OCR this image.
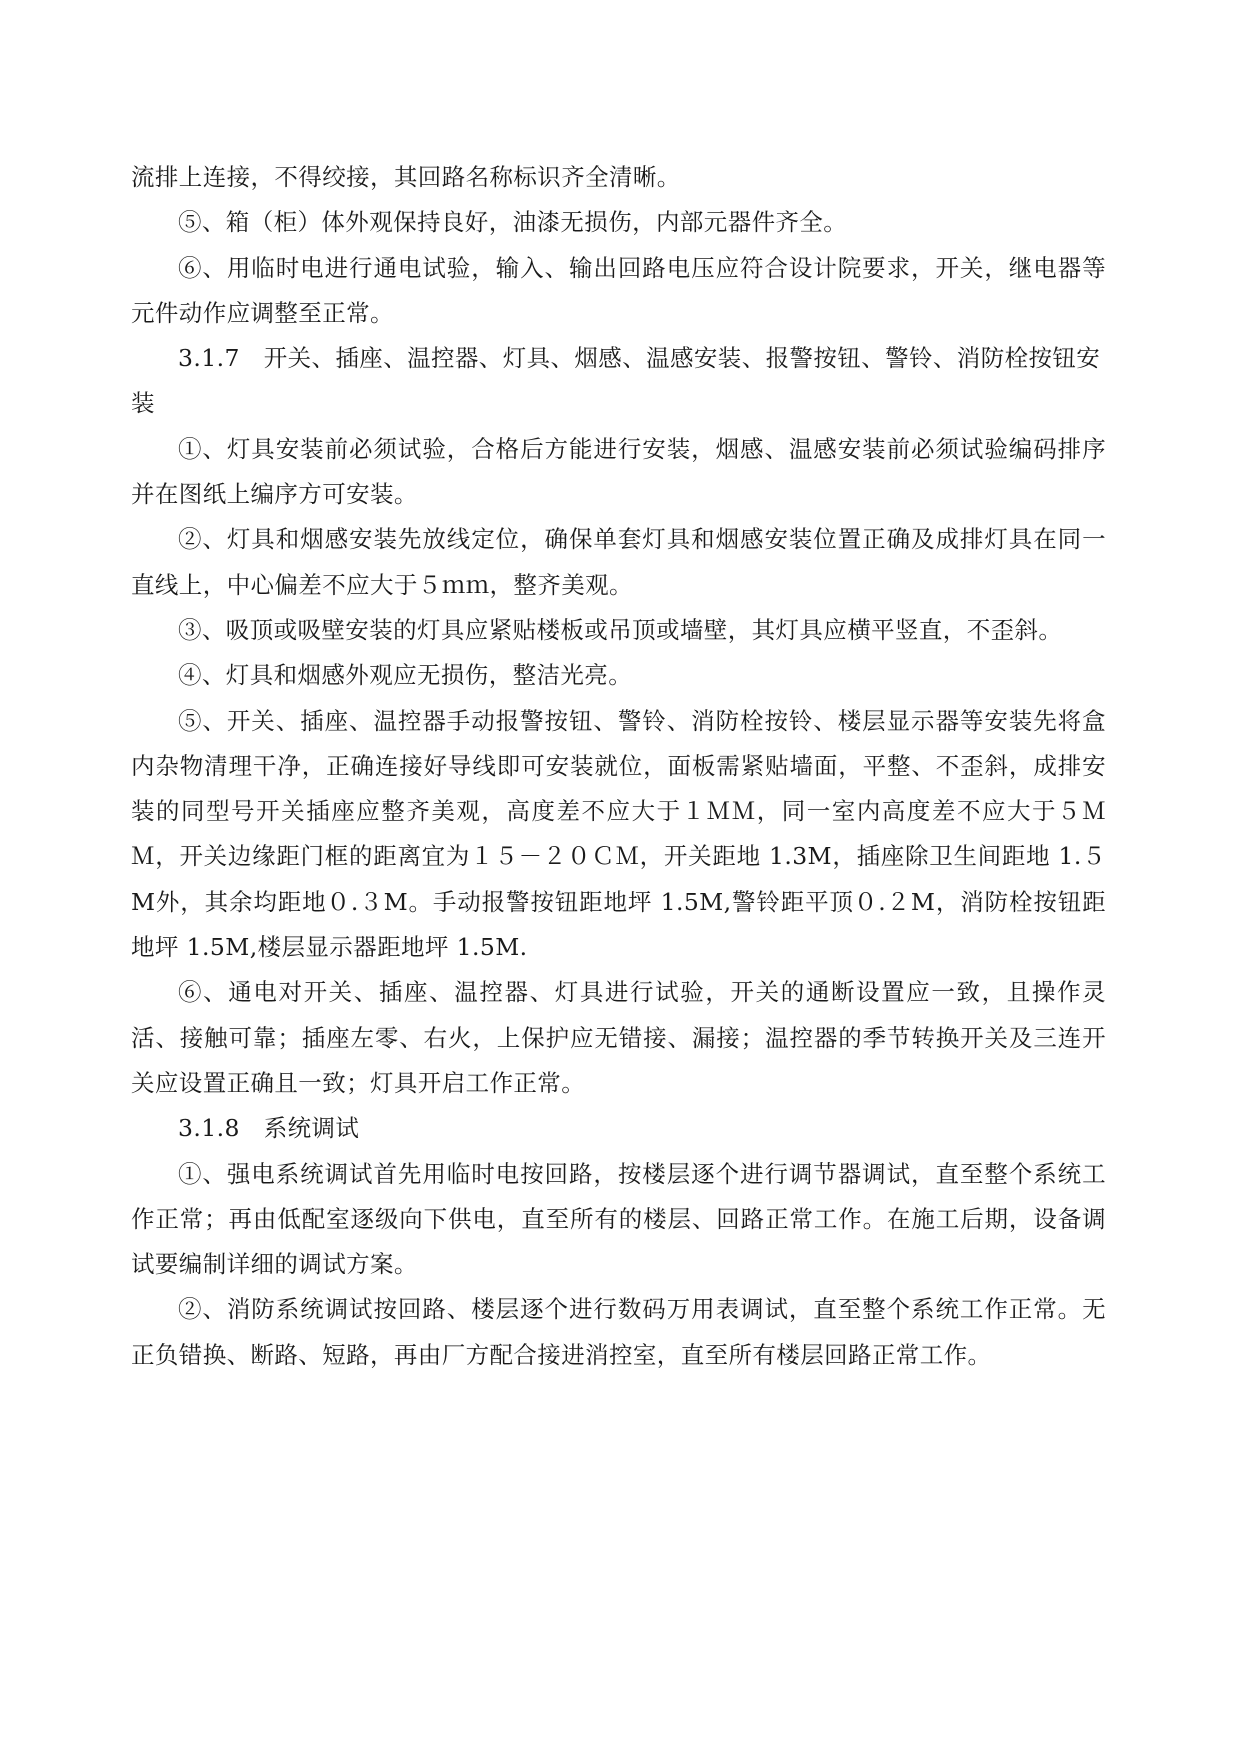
流排上连接，不得绞接，其回路名称标识齐全清晰。

⑤、箱（柜）体外观保持良好，油漆无损伤，内部元器件齐全。

⑥、用临时电进行通电试验，输入、输出回路电压应符合设计院要求，开关，继电器等元件动作应调整至正常。

3.1.7　开关、插座、温控器、灯具、烟感、温感安装、报警按钮、警铃、消防栓按钮安装

①、灯具安装前必须试验，合格后方能进行安装，烟感、温感安装前必须试验编码排序并在图纸上编序方可安装。

②、灯具和烟感安装先放线定位，确保单套灯具和烟感安装位置正确及成排灯具在同一直线上，中心偏差不应大于５ｍｍ，整齐美观。

③、吸顶或吸壁安装的灯具应紧贴楼板或吊顶或墙壁，其灯具应横平竖直，不歪斜。

④、灯具和烟感外观应无损伤，整洁光亮。

⑤、开关、插座、温控器手动报警按钮、警铃、消防栓按铃、楼层显示器等安装先将盒内杂物清理干净，正确连接好导线即可安装就位，面板需紧贴墙面，平整、不歪斜，成排安装的同型号开关插座应整齐美观，高度差不应大于１ＭＭ，同一室内高度差不应大于５ＭＭ，开关边缘距门框的距离宜为１５－２０ＣＭ，开关距地 1.3M，插座除卫生间距地 1.５M外，其余均距地０.３M。手动报警按钮距地坪 1.5M,警铃距平顶０.２M，消防栓按钮距地坪 1.5M,楼层显示器距地坪 1.5M.

⑥、通电对开关、插座、温控器、灯具进行试验，开关的通断设置应一致，且操作灵活、接触可靠；插座左零、右火，上保护应无错接、漏接；温控器的季节转换开关及三连开关应设置正确且一致；灯具开启工作正常。

3.1.8　系统调试

①、强电系统调试首先用临时电按回路，按楼层逐个进行调节器调试，直至整个系统工作正常；再由低配室逐级向下供电，直至所有的楼层、回路正常工作。在施工后期，设备调试要编制详细的调试方案。

②、消防系统调试按回路、楼层逐个进行数码万用表调试，直至整个系统工作正常。无正负错换、断路、短路，再由厂方配合接进消控室，直至所有楼层回路正常工作。
